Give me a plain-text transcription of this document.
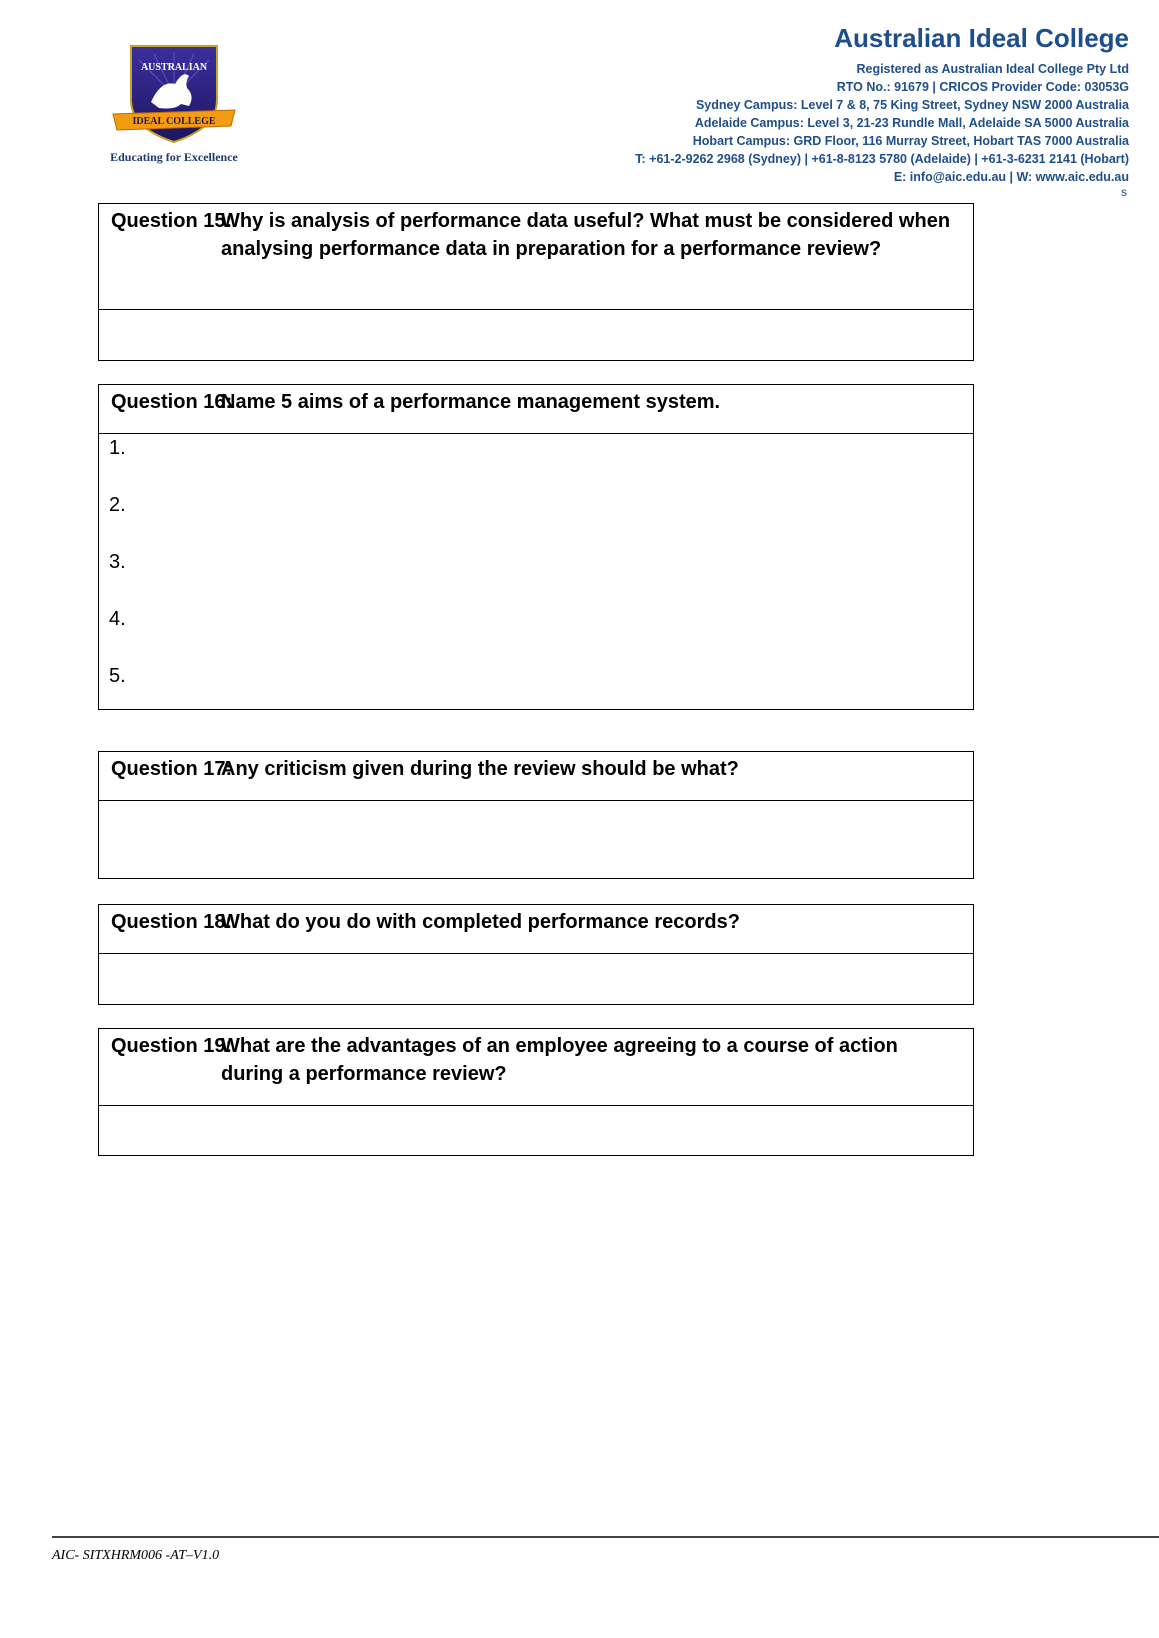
AUSTRALIAN
IDEAL COLLEGE
Educating for Excellence
Australian Ideal College
Registered as Australian Ideal College Pty Ltd
RTO No.: 91679 | CRICOS Provider Code: 03053G
Sydney Campus: Level 7 & 8, 75 King Street, Sydney NSW 2000 Australia
Adelaide Campus: Level 3, 21-23 Rundle Mall, Adelaide SA 5000 Australia
Hobart Campus: GRD Floor, 116 Murray Street, Hobart TAS 7000 Australia
T: +61-2-9262 2968 (Sydney) | +61-8-8123 5780 (Adelaide) | +61-3-6231 2141 (Hobart)
E: info@aic.edu.au | W: www.aic.edu.au
s
Question 15:
Why is analysis of performance data useful? What must be considered when analysing performance data in preparation for a performance review?
Question 16:
Name 5 aims of a performance management system.
1.
2.
3.
4.
5.
Question 17:
Any criticism given during the review should be what?
Question 18:
What do you do with completed performance records?
Question 19:
What are the advantages of an employee agreeing to a course of action during a performance review?
AIC- SITXHRM006 -AT–V1.0
